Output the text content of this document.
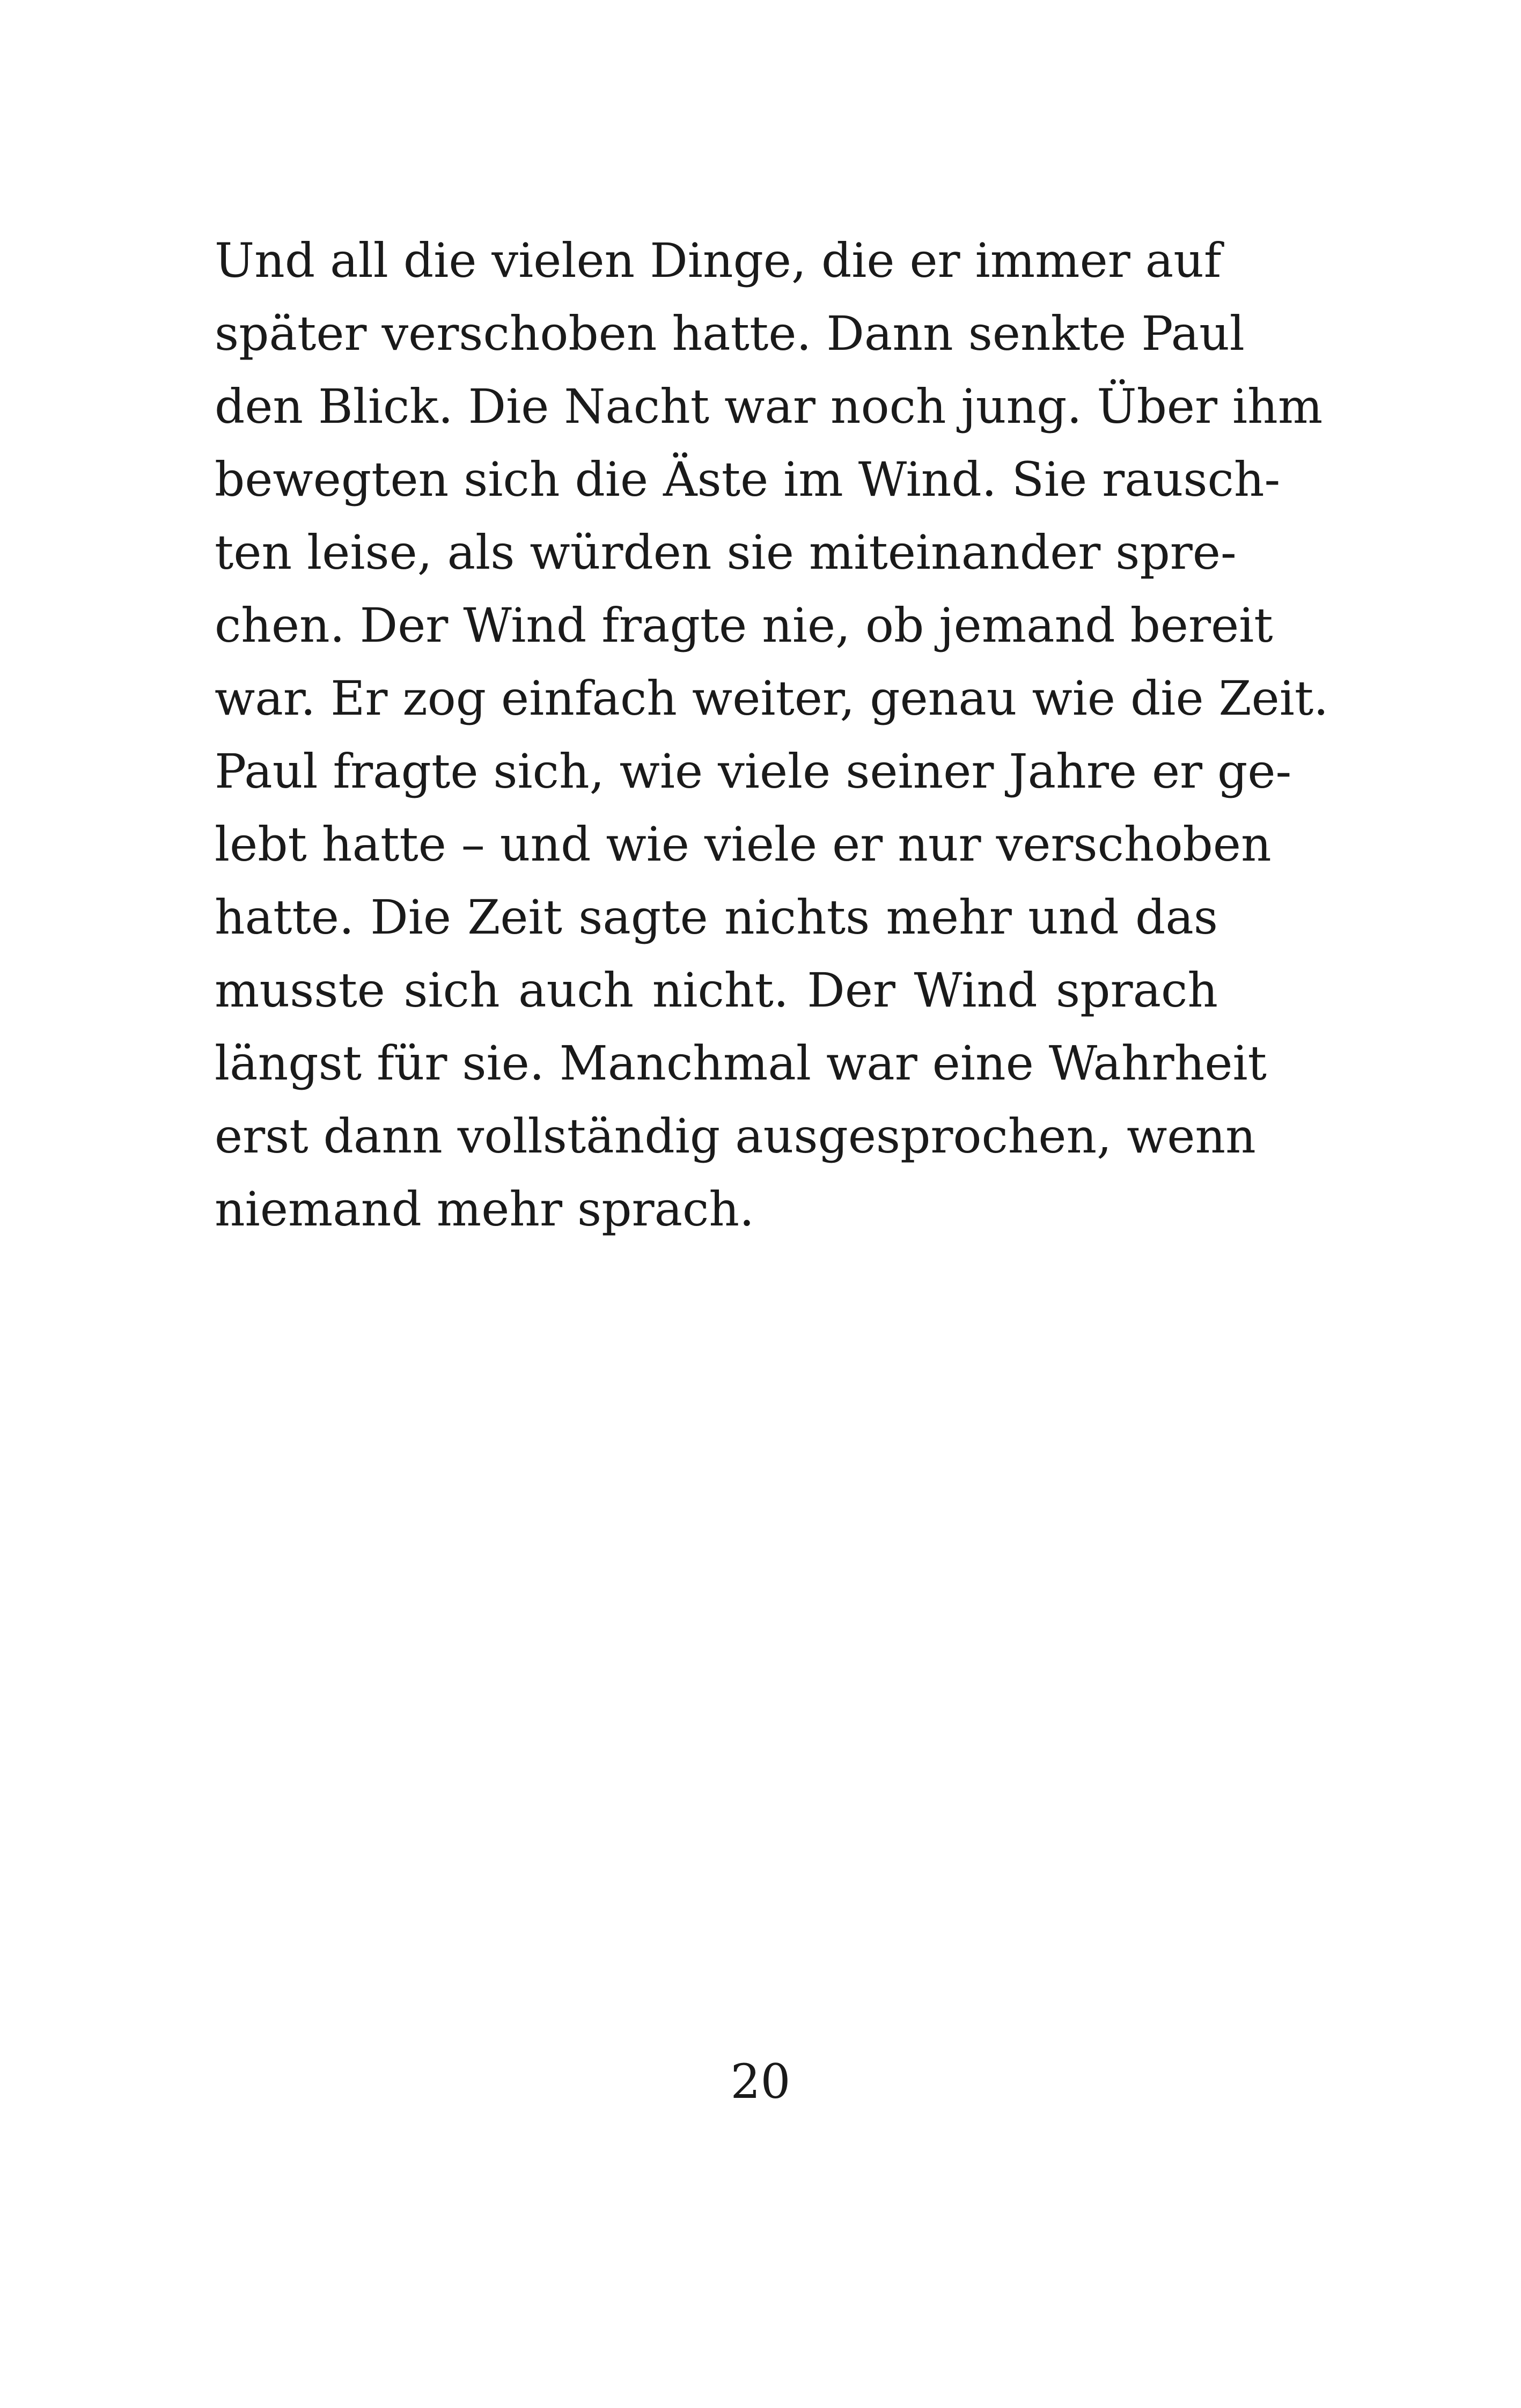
Und all die vielen Dinge, die er immer auf
später verschoben hatte. Dann senkte Paul
den Blick. Die Nacht war noch jung. Über ihm
bewegten sich die Äste im Wind. Sie rausch-
ten leise, als würden sie miteinander spre-
chen. Der Wind fragte nie, ob jemand bereit
war. Er zog einfach weiter, genau wie die Zeit.
Paul fragte sich, wie viele seiner Jahre er ge-
lebt hatte – und wie viele er nur verschoben
hatte. Die Zeit sagte nichts mehr und das
musste sich auch nicht. Der Wind sprach
längst für sie. Manchmal war eine Wahrheit
erst dann vollständig ausgesprochen, wenn
niemand mehr sprach.
20
